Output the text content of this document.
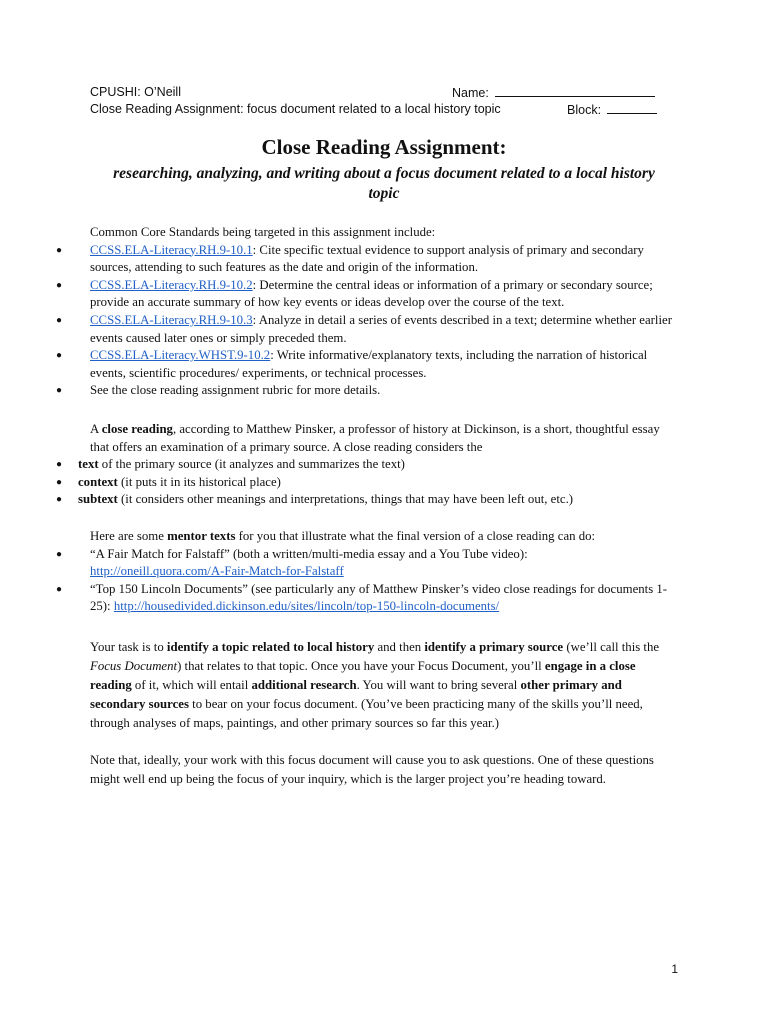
CPUSHI: O’Neill	Name:
Close Reading Assignment: focus document related to a local history topic	Block:
Close Reading Assignment:
researching, analyzing, and writing about a focus document related to a local history topic

Common Core Standards being targeted in this assignment include:

● CCSS.ELA-Literacy.RH.9-10.1: Cite specific textual evidence to support analysis of primary and secondary sources, attending to such features as the date and origin of the information.
● CCSS.ELA-Literacy.RH.9-10.2: Determine the central ideas or information of a primary or secondary source; provide an accurate summary of how key events or ideas develop over the course of the text.
● CCSS.ELA-Literacy.RH.9-10.3: Analyze in detail a series of events described in a text; determine whether earlier events caused later ones or simply preceded them.
● CCSS.ELA-Literacy.WHST.9-10.2: Write informative/explanatory texts, including the narration of historical events, scientific procedures/ experiments, or technical processes.
● See the close reading assignment rubric for more details.

A close reading, according to Matthew Pinsker, a professor of history at Dickinson, is a short, thoughtful essay that offers an examination of a primary source. A close reading considers the

● text of the primary source (it analyzes and summarizes the text)
● context (it puts it in its historical place)
● subtext (it considers other meanings and interpretations, things that may have been left out, etc.)

Here are some mentor texts for you that illustrate what the final version of a close reading can do:

● “A Fair Match for Falstaff” (both a written/multi-media essay and a You Tube video):
http://oneill.quora.com/A-Fair-Match-for-Falstaff
● “Top 150 Lincoln Documents” (see particularly any of Matthew Pinsker’s video close readings for documents 1-25): http://housedivided.dickinson.edu/sites/lincoln/top-150-lincoln-documents/

Your task is to identify a topic related to local history and then identify a primary source (we’ll call this the Focus Document) that relates to that topic. Once you have your Focus Document, you’ll engage in a close reading of it, which will entail additional research. You will want to bring several other primary and secondary sources to bear on your focus document. (You’ve been practicing many of the skills you’ll need, through analyses of maps, paintings, and other primary sources so far this year.)

Note that, ideally, your work with this focus document will cause you to ask questions. One of these questions might well end up being the focus of your inquiry, which is the larger project you’re heading toward.

1
